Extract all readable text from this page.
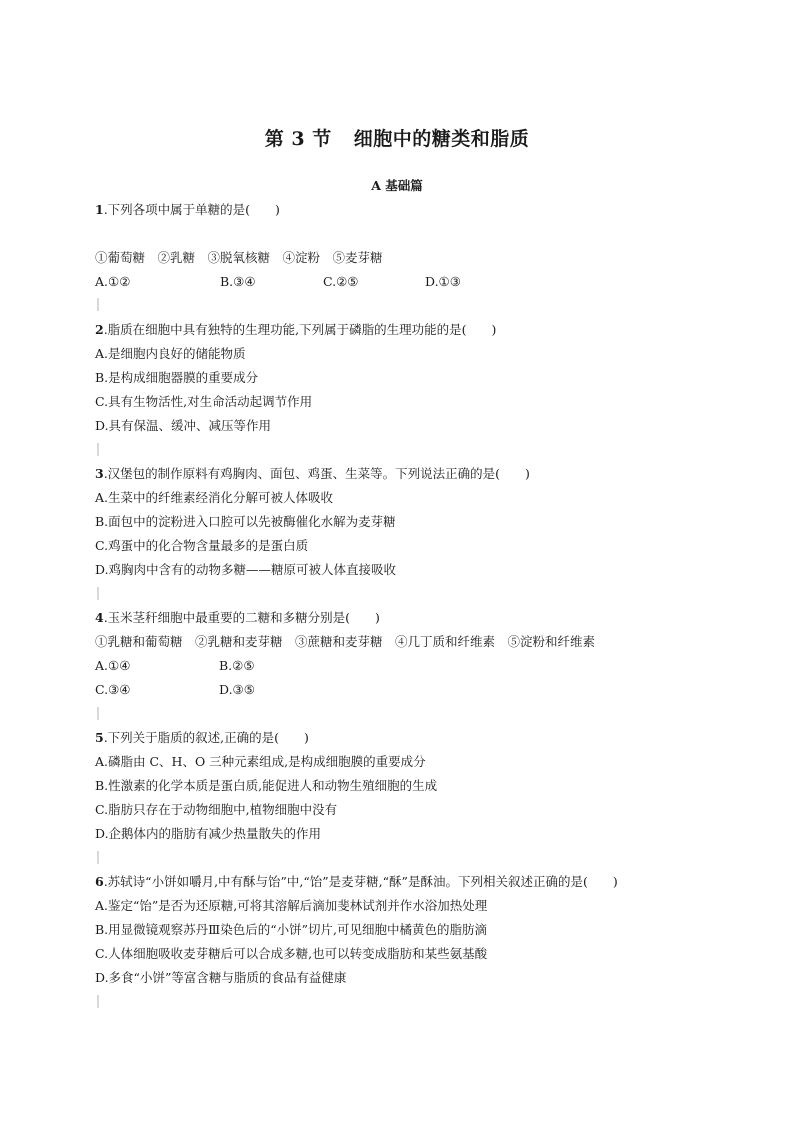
第 3 节 细胞中的糖类和脂质
A 基础篇
1.下列各项中属于单糖的是(　　)
①葡萄糖　②乳糖　③脱氧核糖　④淀粉　⑤麦芽糖
A.①②	B.③④	C.②⑤	D.①③
2.脂质在细胞中具有独特的生理功能,下列属于磷脂的生理功能的是(　　)
A.是细胞内良好的储能物质
B.是构成细胞器膜的重要成分
C.具有生物活性,对生命活动起调节作用
D.具有保温、缓冲、减压等作用
3.汉堡包的制作原料有鸡胸肉、面包、鸡蛋、生菜等。下列说法正确的是(　　)
A.生菜中的纤维素经消化分解可被人体吸收
B.面包中的淀粉进入口腔可以先被酶催化水解为麦芽糖
C.鸡蛋中的化合物含量最多的是蛋白质
D.鸡胸肉中含有的动物多糖——糖原可被人体直接吸收
4.玉米茎秆细胞中最重要的二糖和多糖分别是(　　)
①乳糖和葡萄糖　②乳糖和麦芽糖　③蔗糖和麦芽糖　④几丁质和纤维素　⑤淀粉和纤维素
A.①④	B.②⑤
C.③④	D.③⑤
5.下列关于脂质的叙述,正确的是(　　)
A.磷脂由 C、H、O 三种元素组成,是构成细胞膜的重要成分
B.性激素的化学本质是蛋白质,能促进人和动物生殖细胞的生成
C.脂肪只存在于动物细胞中,植物细胞中没有
D.企鹅体内的脂肪有减少热量散失的作用
6.苏轼诗“小饼如嚼月,中有酥与饴”中,“饴”是麦芽糖,“酥”是酥油。下列相关叙述正确的是(　　)
A.鉴定“饴”是否为还原糖,可将其溶解后滴加斐林试剂并作水浴加热处理
B.用显微镜观察苏丹Ⅲ染色后的“小饼”切片,可见细胞中橘黄色的脂肪滴
C.人体细胞吸收麦芽糖后可以合成多糖,也可以转变成脂肪和某些氨基酸
D.多食“小饼”等富含糖与脂质的食品有益健康
